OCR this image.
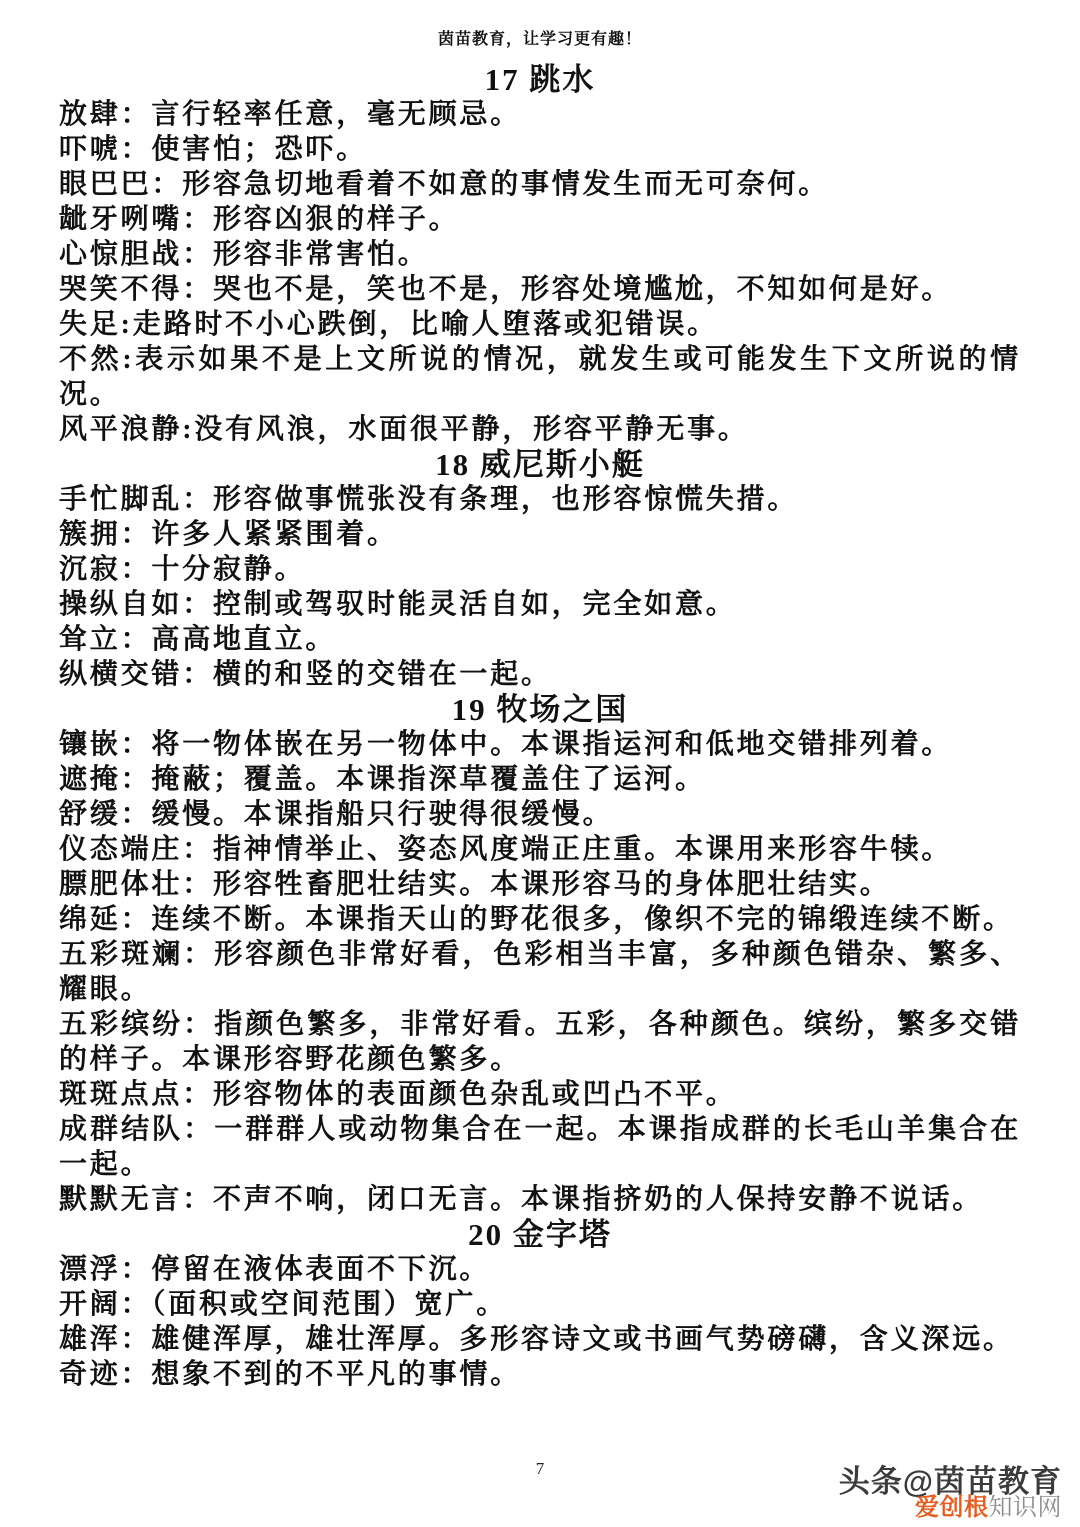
茵苗教育，让学习更有趣！
17 跳水

放肆：言行轻率任意，毫无顾忌。

吓唬：使害怕；恐吓。

眼巴巴：形容急切地看着不如意的事情发生而无可奈何。

龇牙咧嘴：形容凶狠的样子。

心惊胆战：形容非常害怕。

哭笑不得：哭也不是，笑也不是，形容处境尴尬，不知如何是好。

失足:走路时不小心跌倒，比喻人堕落或犯错误。

不然:表示如果不是上文所说的情况，就发生或可能发生下文所说的情况。

风平浪静:没有风浪，水面很平静，形容平静无事。

18 威尼斯小艇

手忙脚乱：形容做事慌张没有条理，也形容惊慌失措。

簇拥：许多人紧紧围着。

沉寂：十分寂静。

操纵自如：控制或驾驭时能灵活自如，完全如意。

耸立：高高地直立。

纵横交错：横的和竖的交错在一起。

19 牧场之国

镶嵌：将一物体嵌在另一物体中。本课指运河和低地交错排列着。

遮掩：掩蔽；覆盖。本课指深草覆盖住了运河。

舒缓：缓慢。本课指船只行驶得很缓慢。

仪态端庄：指神情举止、姿态风度端正庄重。本课用来形容牛犊。

膘肥体壮：形容牲畜肥壮结实。本课形容马的身体肥壮结实。

绵延：连续不断。本课指天山的野花很多，像织不完的锦缎连续不断。

五彩斑斓：形容颜色非常好看，色彩相当丰富，多种颜色错杂、繁多、耀眼。

五彩缤纷：指颜色繁多，非常好看。五彩，各种颜色。缤纷，繁多交错的样子。本课形容野花颜色繁多。

斑斑点点：形容物体的表面颜色杂乱或凹凸不平。

成群结队：一群群人或动物集合在一起。本课指成群的长毛山羊集合在一起。

默默无言：不声不响，闭口无言。本课指挤奶的人保持安静不说话。

20 金字塔

漂浮：停留在液体表面不下沉。

开阔：（面积或空间范围）宽广。

雄浑：雄健浑厚，雄壮浑厚。多形容诗文或书画气势磅礴，含义深远。

奇迹：想象不到的不平凡的事情。

7	头条@茵苗教育
爱创根知识网
